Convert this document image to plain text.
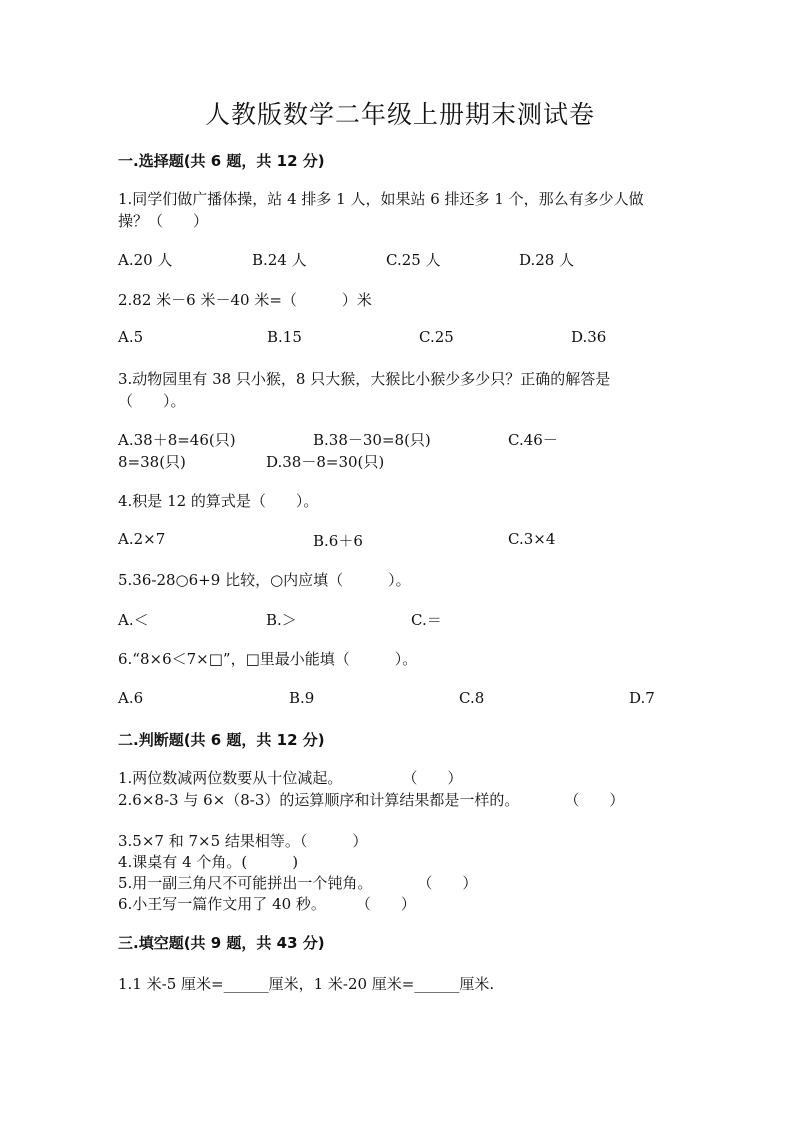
人教版数学二年级上册期末测试卷
一.选择题(共 6 题，共 12 分)
1.同学们做广播体操，站 4 排多 1 人，如果站 6 排还多 1 个，那么有多少人做
操？（　　）
A.20 人	B.24 人	C.25 人	D.28 人
2.82 米－6 米－40 米=（　　　）米
A.5	B.15	C.25	D.36
3.动物园里有 38 只小猴，8 只大猴，大猴比小猴少多少只？正确的解答是
（　　）。
A.38＋8=46(只)	B.38－30=8(只)	C.46－
8=38(只)	D.38－8=30(只)
4.积是 12 的算式是（　　）。
A.2×7	B.6＋6	C.3×4
5.36-28○6+9 比较，○内应填（　　　）。
A.＜	B.＞	C.＝
6.“8×6＜7×□”，□里最小能填（　　　）。
A.6	B.9	C.8	D.7
二.判断题(共 6 题，共 12 分)
1.两位数减两位数要从十位减起。　　　　　（　　）
2.6×8-3 与 6×（8-3）的运算顺序和计算结果都是一样的。　　　　（　　）
3.5×7 和 7×5 结果相等。（　　　）
4.课桌有 4 个角。(　　　)
5.用一副三角尺不可能拼出一个钝角。　　　　（　　）
6.小王写一篇作文用了 40 秒。　　　（　　）
三.填空题(共 9 题，共 43 分)
1.1 米-5 厘米=______厘米，1 米-20 厘米=______厘米.
